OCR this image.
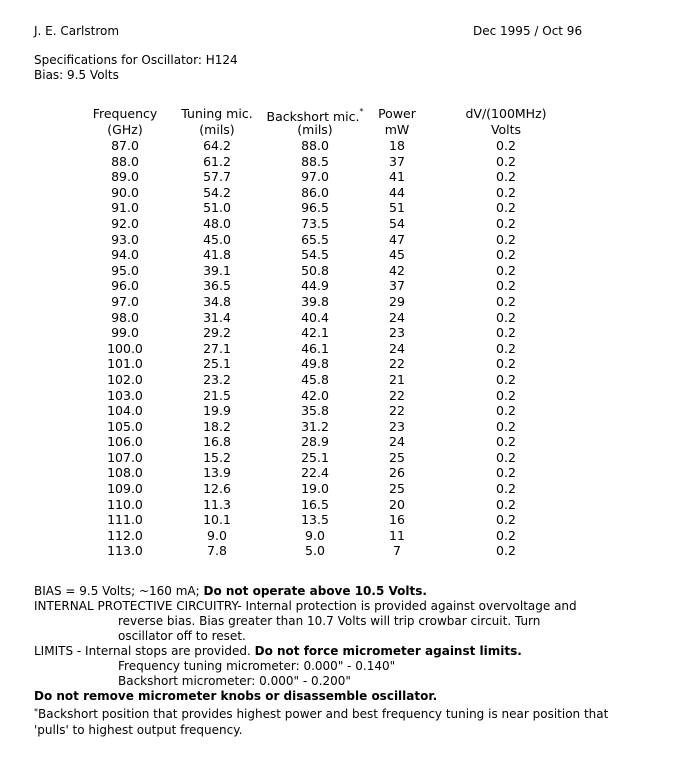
J. E. Carlstrom	Dec 1995 / Oct 96
Specifications for Oscillator: H124
Bias: 9.5 Volts
Frequency	Tuning mic.	Backshort mic.*	Power	dV/(100MHz)
(GHz)	(mils)	(mils)	mW	Volts
87.0	64.2	88.0	18	0.2
88.0	61.2	88.5	37	0.2
89.0	57.7	97.0	41	0.2
90.0	54.2	86.0	44	0.2
91.0	51.0	96.5	51	0.2
92.0	48.0	73.5	54	0.2
93.0	45.0	65.5	47	0.2
94.0	41.8	54.5	45	0.2
95.0	39.1	50.8	42	0.2
96.0	36.5	44.9	37	0.2
97.0	34.8	39.8	29	0.2
98.0	31.4	40.4	24	0.2
99.0	29.2	42.1	23	0.2
100.0	27.1	46.1	24	0.2
101.0	25.1	49.8	22	0.2
102.0	23.2	45.8	21	0.2
103.0	21.5	42.0	22	0.2
104.0	19.9	35.8	22	0.2
105.0	18.2	31.2	23	0.2
106.0	16.8	28.9	24	0.2
107.0	15.2	25.1	25	0.2
108.0	13.9	22.4	26	0.2
109.0	12.6	19.0	25	0.2
110.0	11.3	16.5	20	0.2
111.0	10.1	13.5	16	0.2
112.0	9.0	9.0	11	0.2
113.0	7.8	5.0	7	0.2

BIAS = 9.5 Volts; ~160 mA; Do not operate above 10.5 Volts.

INTERNAL PROTECTIVE CIRCUITRY- Internal protection is provided against overvoltage and

reverse bias. Bias greater than 10.7 Volts will trip crowbar circuit. Turn

oscillator off to reset.

LIMITS - Internal stops are provided. Do not force micrometer against limits.

Frequency tuning micrometer: 0.000" - 0.140"

Backshort micrometer: 0.000" - 0.200"

Do not remove micrometer knobs or disassemble oscillator.

*Backshort position that provides highest power and best frequency tuning is near position that

'pulls' to highest output frequency.
